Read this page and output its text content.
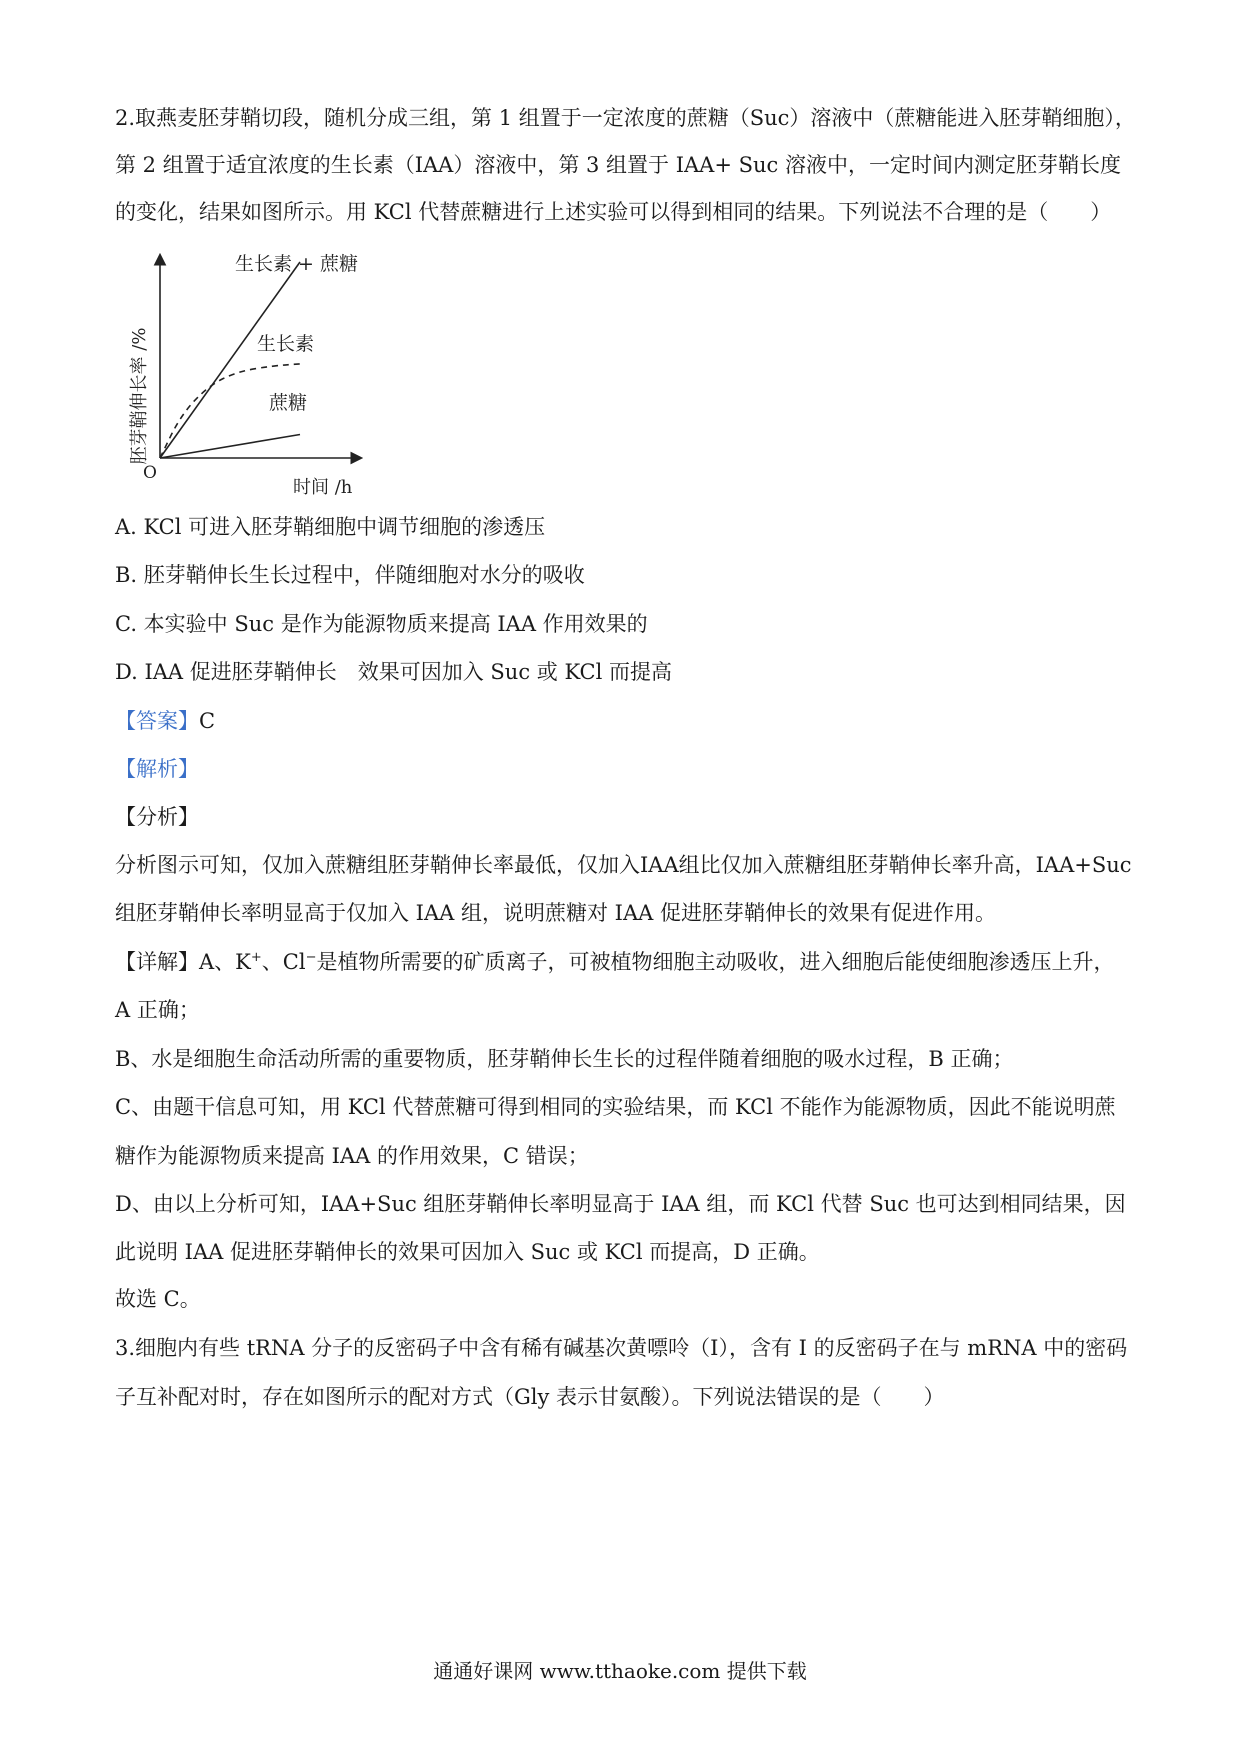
2.取燕麦胚芽鞘切段，随机分成三组，第 1 组置于一定浓度的蔗糖（Suc）溶液中（蔗糖能进入胚芽鞘细胞），
第 2 组置于适宜浓度的生长素（IAA）溶液中，第 3 组置于 IAA+ Suc 溶液中，一定时间内测定胚芽鞘长度
的变化，结果如图所示。用 KCl 代替蔗糖进行上述实验可以得到相同的结果。下列说法不合理的是（　　）
O
时间 /h
胚芽鞘伸长率 /%
生长素 + 蔗糖
生长素
蔗糖
A. KCl 可进入胚芽鞘细胞中调节细胞的渗透压
B. 胚芽鞘伸长生长过程中，伴随细胞对水分的吸收
C. 本实验中 Suc 是作为能源物质来提高 IAA 作用效果的
D. IAA 促进胚芽鞘伸长　效果可因加入 Suc 或 KCl 而提高
【答案】C
【解析】
【分析】
分析图示可知，仅加入蔗糖组胚芽鞘伸长率最低，仅加入IAA组比仅加入蔗糖组胚芽鞘伸长率升高，IAA+Suc
组胚芽鞘伸长率明显高于仅加入 IAA 组，说明蔗糖对 IAA 促进胚芽鞘伸长的效果有促进作用。
【详解】A、K+、Cl−是植物所需要的矿质离子，可被植物细胞主动吸收，进入细胞后能使细胞渗透压上升，
A 正确；
B、水是细胞生命活动所需的重要物质，胚芽鞘伸长生长的过程伴随着细胞的吸水过程，B 正确；
C、由题干信息可知，用 KCl 代替蔗糖可得到相同的实验结果，而 KCl 不能作为能源物质，因此不能说明蔗
糖作为能源物质来提高 IAA 的作用效果，C 错误；
D、由以上分析可知，IAA+Suc 组胚芽鞘伸长率明显高于 IAA 组，而 KCl 代替 Suc 也可达到相同结果，因
此说明 IAA 促进胚芽鞘伸长的效果可因加入 Suc 或 KCl 而提高，D 正确。
故选 C。
3.细胞内有些 tRNA 分子的反密码子中含有稀有碱基次黄嘌呤（I），含有 I 的反密码子在与 mRNA 中的密码
子互补配对时，存在如图所示的配对方式（Gly 表示甘氨酸）。下列说法错误的是（　　）
通通好课网 www.tthaoke.com 提供下载
